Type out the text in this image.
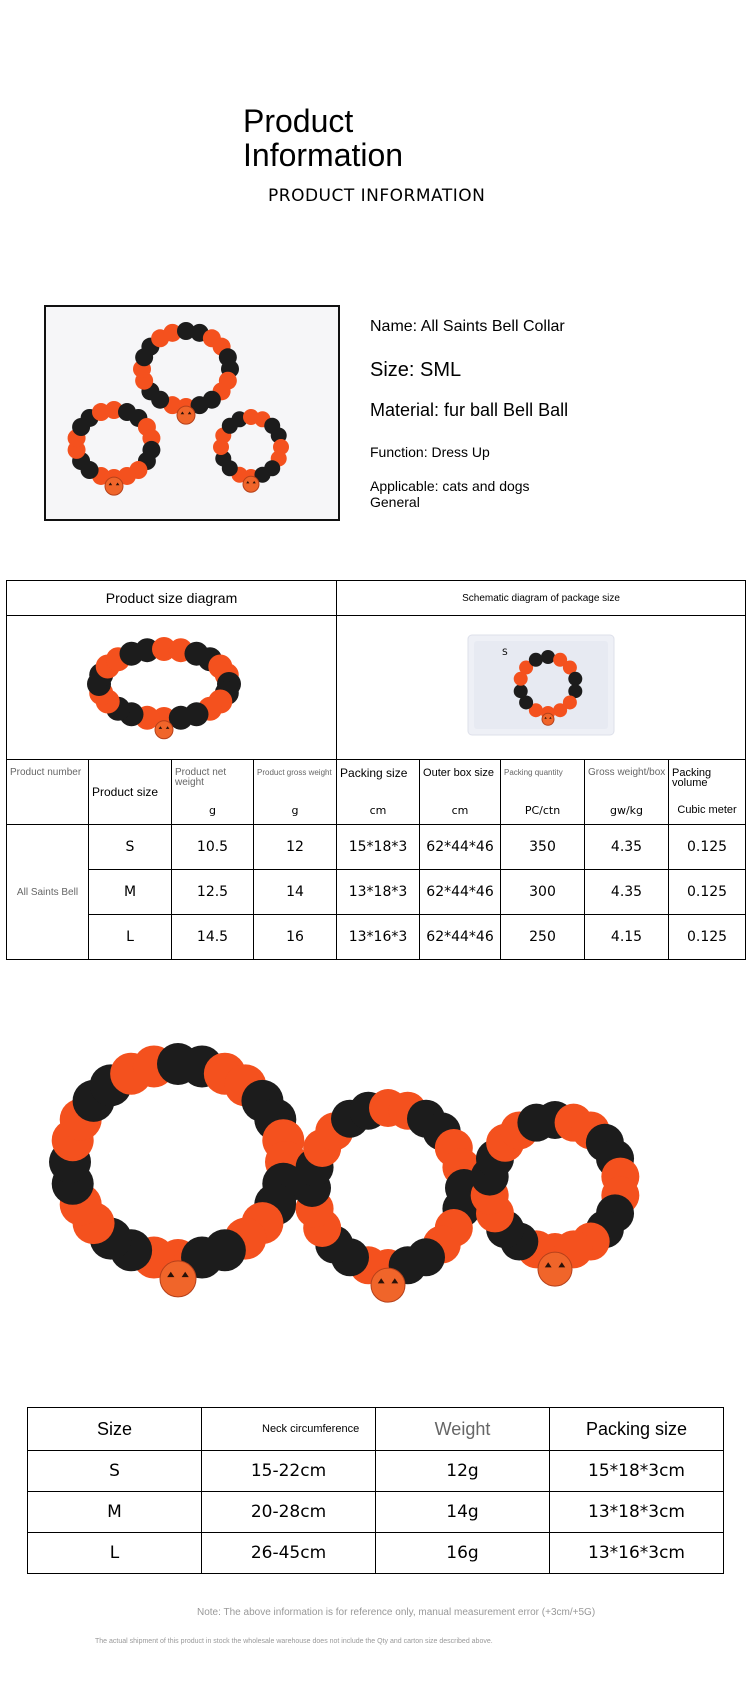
Product Information
PRODUCT INFORMATION
Name: All Saints Bell Collar
Size: SML
Material: fur ball Bell Ball
Function: Dress Up
Applicable: cats and dogs General
Product size diagram				Schematic diagram of package size				

S				

Product number	Product size	Product net weight	Product gross weight	Packing size	Outer box size	Packing quantity	Gross weight/box	Packing volume
		g	g	cm	cm	PC/ctn	gw/kg	Cubic meter
All Saints Bell	S	10.5	12	15*18*3	62*44*46	350	4.35	0.125
	M	12.5	14	13*18*3	62*44*46	300	4.35	0.125
	L	14.5	16	13*16*3	62*44*46	250	4.15	0.125
Size	Neck circumference	Weight	Packing size
S	15-22cm	12g	15*18*3cm
M	20-28cm	14g	13*18*3cm
L	26-45cm	16g	13*16*3cm
Note: The above information is for reference only, manual measurement error (+3cm/+5G)
The actual shipment of this product in stock the wholesale warehouse does not include the Qty and carton size described above.
